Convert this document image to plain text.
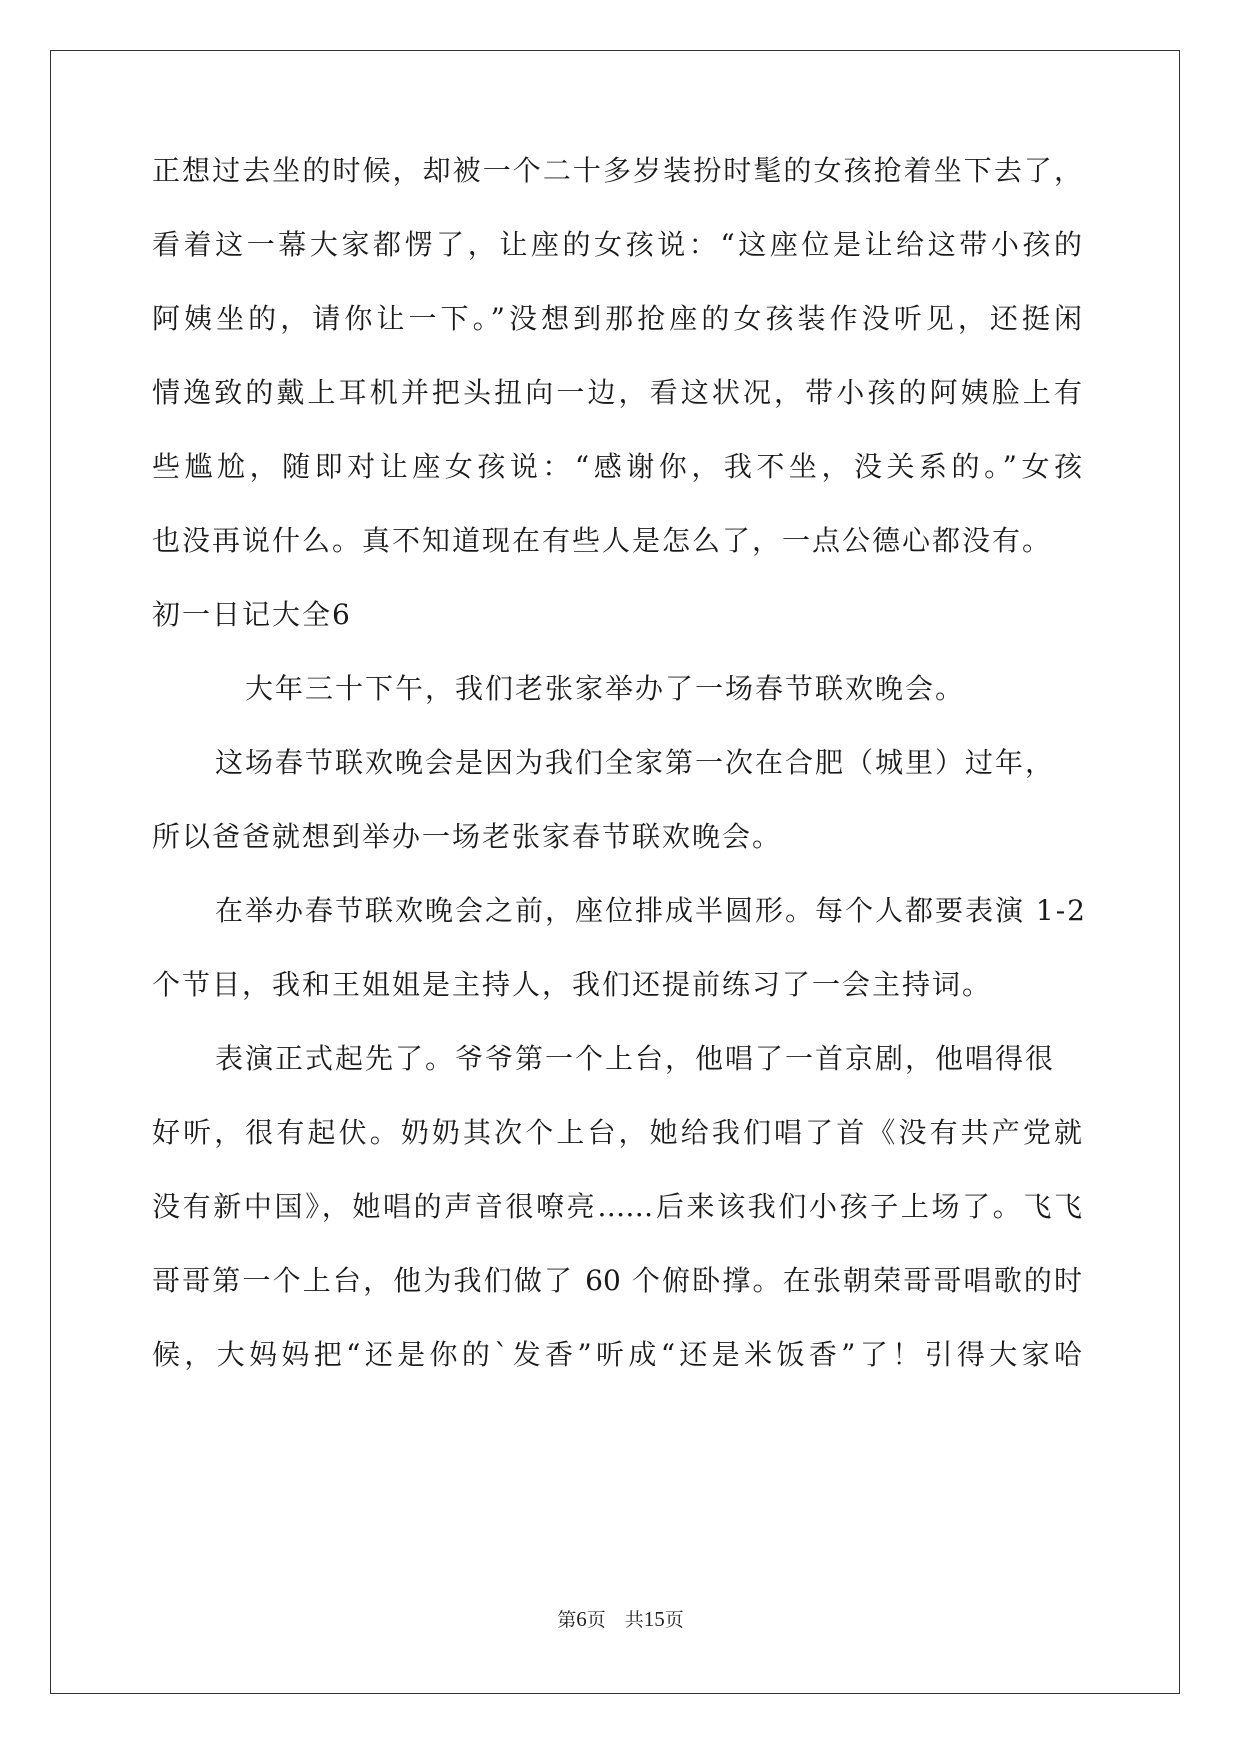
正想过去坐的时候，却被一个二十多岁装扮时髦的女孩抢着坐下去了，
看着这一幕大家都愣了，让座的女孩说：“这座位是让给这带小孩的
阿姨坐的，请你让一下。”没想到那抢座的女孩装作没听见，还挺闲
情逸致的戴上耳机并把头扭向一边，看这状况，带小孩的阿姨脸上有
些尴尬，随即对让座女孩说：“感谢你，我不坐，没关系的。”女孩
也没再说什么。真不知道现在有些人是怎么了，一点公德心都没有。
初一日记大全6
大年三十下午，我们老张家举办了一场春节联欢晚会。
这场春节联欢晚会是因为我们全家第一次在合肥（城里）过年，
所以爸爸就想到举办一场老张家春节联欢晚会。
在举办春节联欢晚会之前，座位排成半圆形。每个人都要表演 1-2
个节目，我和王姐姐是主持人，我们还提前练习了一会主持词。
表演正式起先了。爷爷第一个上台，他唱了一首京剧，他唱得很
好听，很有起伏。奶奶其次个上台，她给我们唱了首《没有共产党就
没有新中国》，她唱的声音很嘹亮……后来该我们小孩子上场了。飞飞
哥哥第一个上台，他为我们做了 60 个俯卧撑。在张朝荣哥哥唱歌的时
候，大妈妈把“还是你的`发香”听成“还是米饭香”了！引得大家哈
第6页　共15页
